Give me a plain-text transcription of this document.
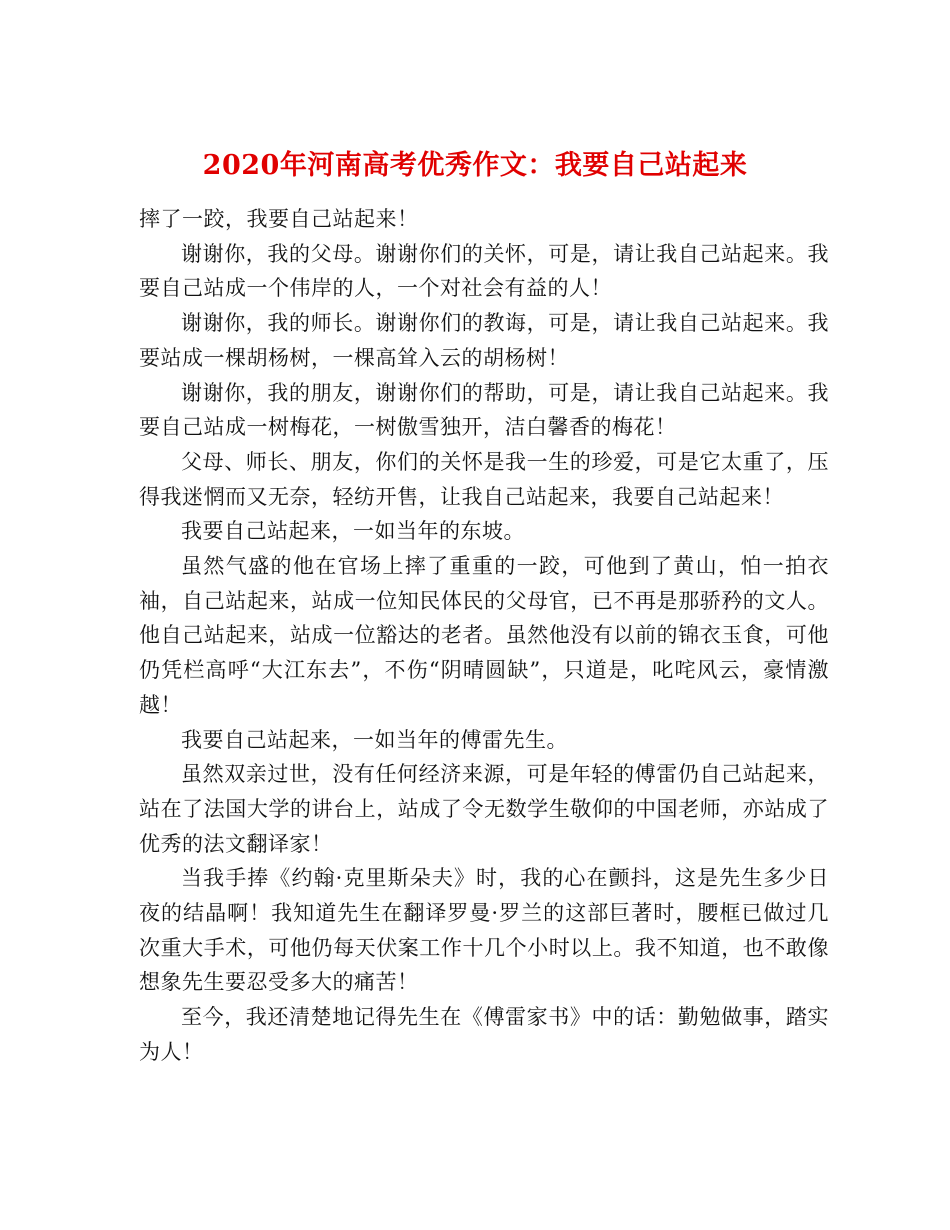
2020年河南高考优秀作文：我要自己站起来

摔了一跤，我要自己站起来！

谢谢你，我的父母。谢谢你们的关怀，可是，请让我自己站起来。我要自己站成一个伟岸的人，一个对社会有益的人！

谢谢你，我的师长。谢谢你们的教诲，可是，请让我自己站起来。我要站成一棵胡杨树，一棵高耸入云的胡杨树！

谢谢你，我的朋友，谢谢你们的帮助，可是，请让我自己站起来。我要自己站成一树梅花，一树傲雪独开，洁白馨香的梅花！

父母、师长、朋友，你们的关怀是我一生的珍爱，可是它太重了，压得我迷惘而又无奈，轻纺开售，让我自己站起来，我要自己站起来！

我要自己站起来，一如当年的东坡。

虽然气盛的他在官场上摔了重重的一跤，可他到了黄山，怕一拍衣袖，自己站起来，站成一位知民体民的父母官，已不再是那骄矜的文人。他自己站起来，站成一位豁达的老者。虽然他没有以前的锦衣玉食，可他仍凭栏高呼“大江东去”，不伤“阴晴圆缺”，只道是，叱咤风云，豪情激越！

我要自己站起来，一如当年的傅雷先生。

虽然双亲过世，没有任何经济来源，可是年轻的傅雷仍自己站起来，站在了法国大学的讲台上，站成了令无数学生敬仰的中国老师，亦站成了优秀的法文翻译家！

当我手捧《约翰·克里斯朵夫》时，我的心在颤抖，这是先生多少日夜的结晶啊！我知道先生在翻译罗曼·罗兰的这部巨著时，腰框已做过几次重大手术，可他仍每天伏案工作十几个小时以上。我不知道，也不敢像想象先生要忍受多大的痛苦！

至今，我还清楚地记得先生在《傅雷家书》中的话：勤勉做事，踏实为人！
